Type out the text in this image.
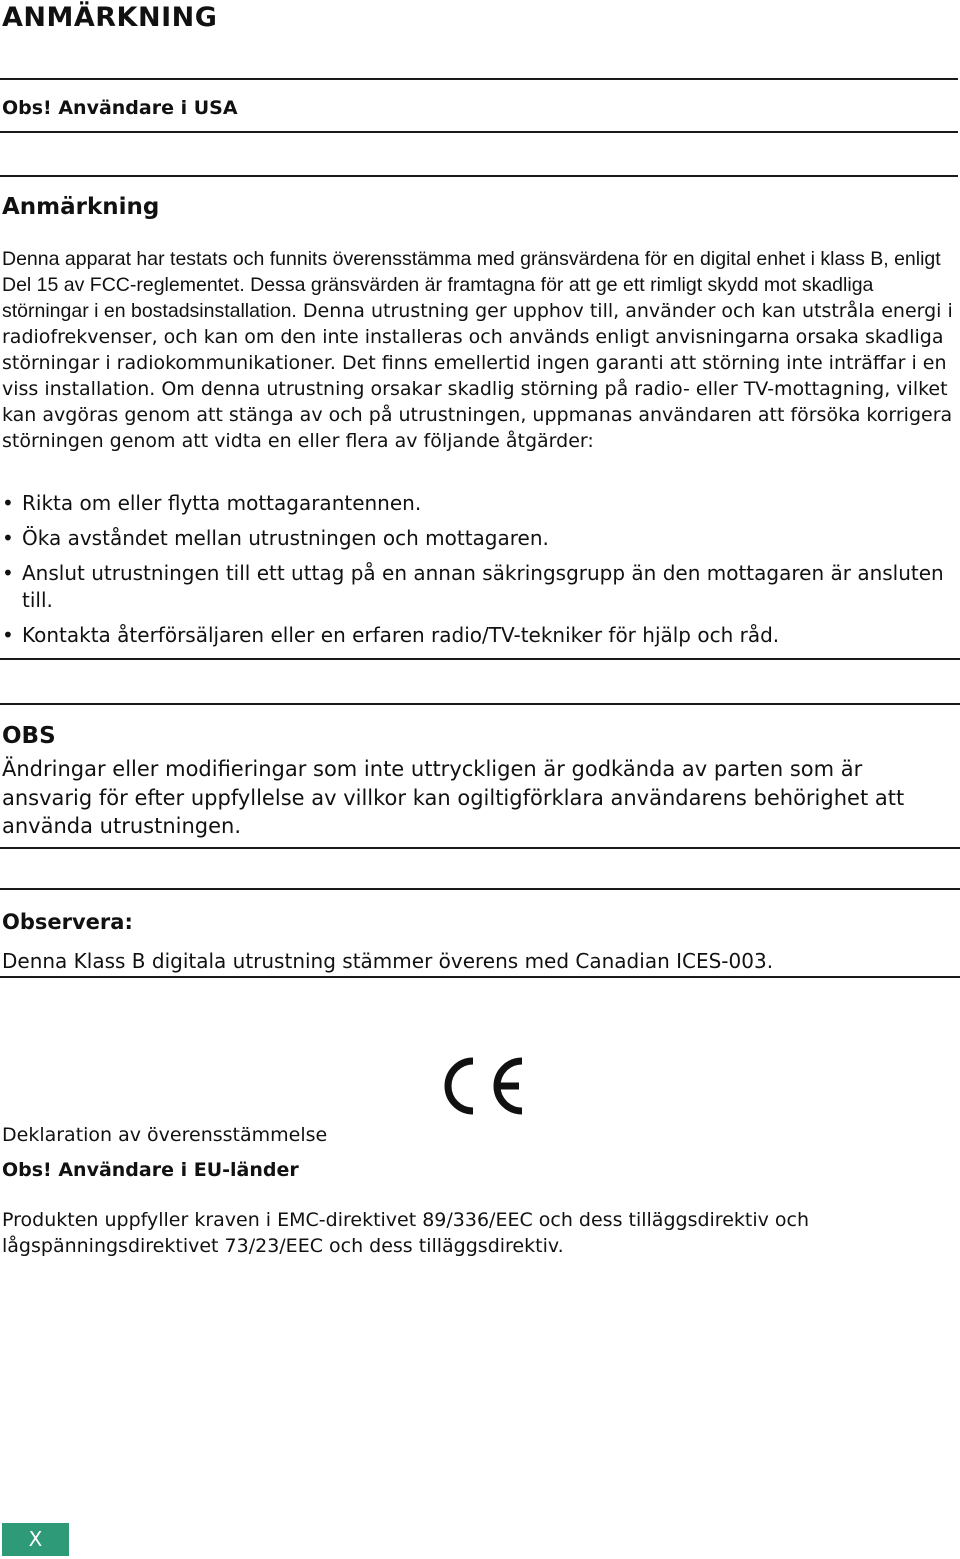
ANMÄRKNING
Obs! Användare i USA
Anmärkning
Denna apparat har testats och funnits överensstämma med gränsvärdena för en digital enhet i klass B, enligt Del 15 av FCC-reglementet. Dessa gränsvärden är framtagna för att ge ett rimligt skydd mot skadliga störningar i en bostadsinstallation. Denna utrustning ger upphov till, använder och kan utstråla energi i radiofrekvenser, och kan om den inte installeras och används enligt anvisningarna orsaka skadliga störningar i radiokommunikationer. Det finns emellertid ingen garanti att störning inte inträffar i en viss installation. Om denna utrustning orsakar skadlig störning på radio- eller TV-mottagning, vilket kan avgöras genom att stänga av och på utrustningen, uppmanas användaren att försöka korrigera störningen genom att vidta en eller flera av följande åtgärder:
• Rikta om eller flytta mottagarantennen.
• Öka avståndet mellan utrustningen och mottagaren.
• Anslut utrustningen till ett uttag på en annan säkringsgrupp än den mottagaren är ansluten till.
• Kontakta återförsäljaren eller en erfaren radio/TV-tekniker för hjälp och råd.
OBS
Ändringar eller modifieringar som inte uttryckligen är godkända av parten som är ansvarig för efter uppfyllelse av villkor kan ogiltigförklara användarens behörighet att använda utrustningen.
Observera:
Denna Klass B digitala utrustning stämmer överens med Canadian ICES-003.
Deklaration av överensstämmelse
Obs! Användare i EU-länder
Produkten uppfyller kraven i EMC-direktivet 89/336/EEC och dess tilläggsdirektiv och lågspänningsdirektivet 73/23/EEC och dess tilläggsdirektiv.
X
